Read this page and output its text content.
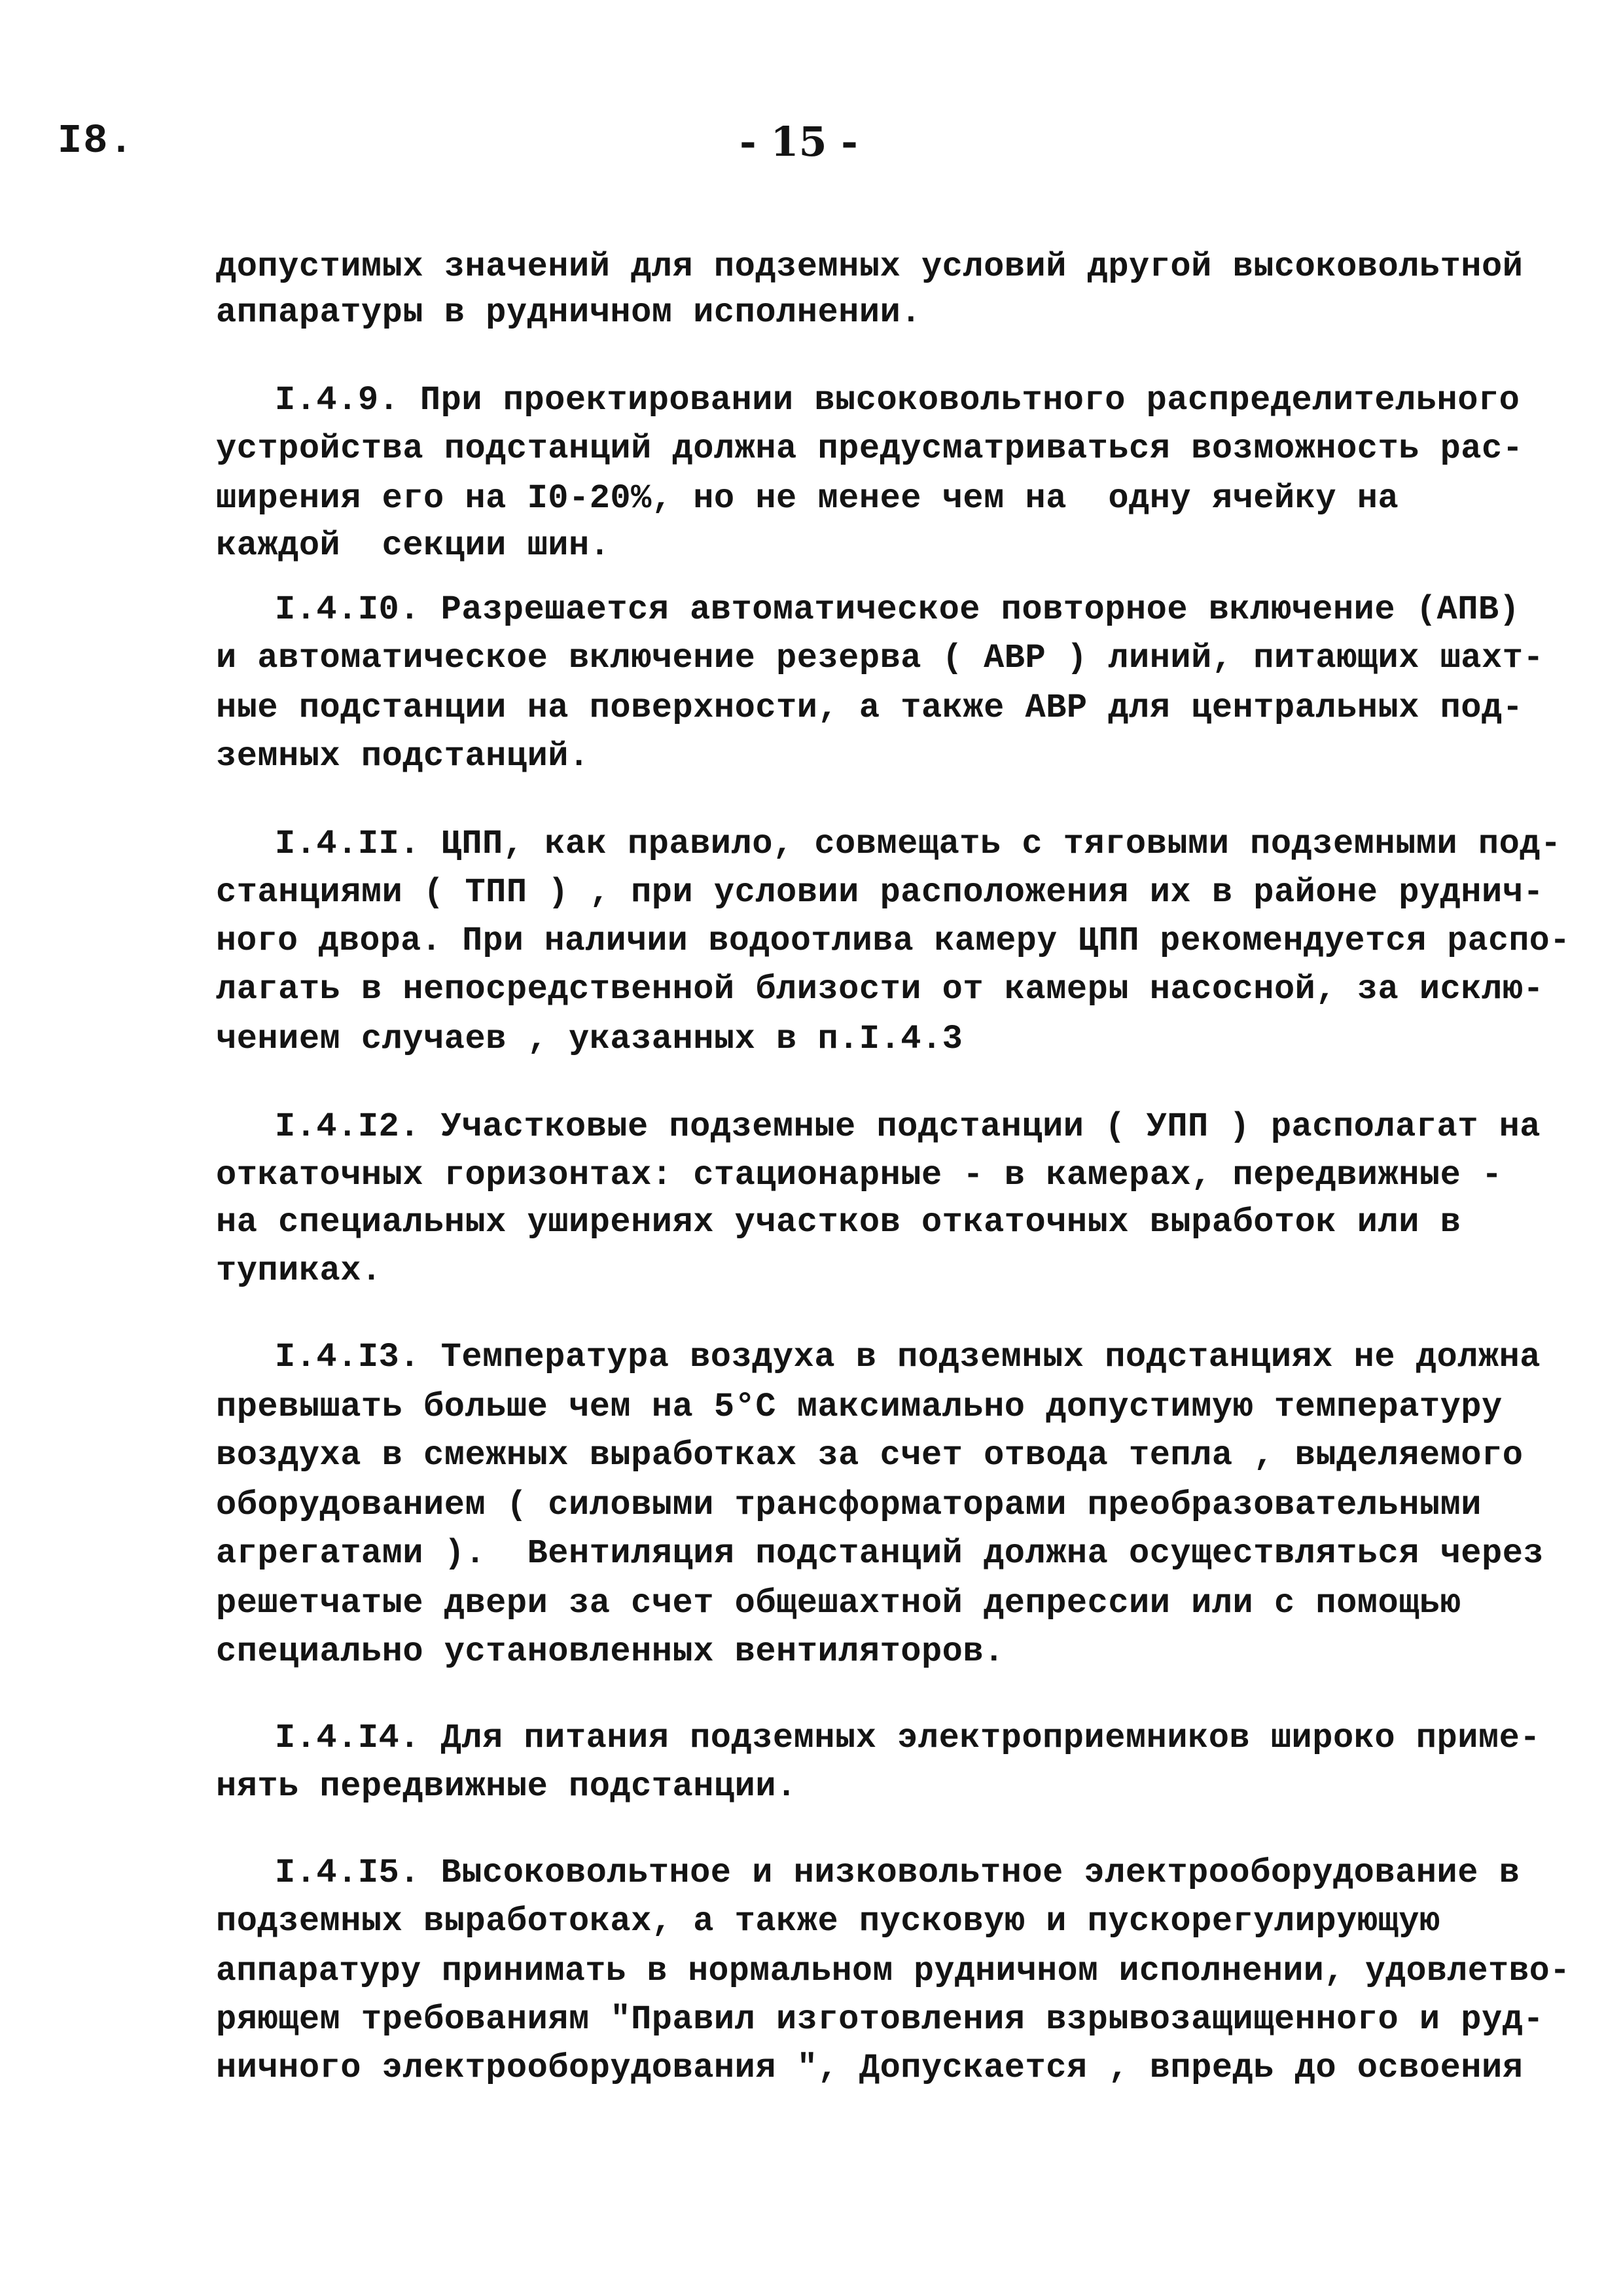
I8.	- 15 -
допустимых значений для подземных условий другой высоковольтной
аппаратуры в рудничном исполнении.
I.4.9. При проектировании высоковольтного распределительного
устройства подстанций должна предусматриваться возможность рас-
ширения его на I0-20%, но не менее чем на  одну ячейку на
каждой  секции шин.
I.4.I0. Разрешается автоматическое повторное включение (АПВ)
и автоматическое включение резерва ( АВР ) линий, питающих шахт-
ные подстанции на поверхности, а также АВР для центральных под-
земных подстанций.
I.4.II. ЦПП, как правило, совмещать с тяговыми подземными под-
станциями ( ТПП ) , при условии расположения их в районе руднич-
ного двора. При наличии водоотлива камеру ЦПП рекомендуется распо-
лагать в непосредственной близости от камеры насосной, за исклю-
чением случаев , указанных в п.I.4.3
I.4.I2. Участковые подземные подстанции ( УПП ) располагат на
откаточных горизонтах: стационарные - в камерах, передвижные -
на специальных уширениях участков откаточных выработок или в
тупиках.
I.4.I3. Температура воздуха в подземных подстанциях не должна
превышать больше чем на 5°С максимально допустимую температуру
воздуха в смежных выработках за счет отвода тепла , выделяемого
оборудованием ( силовыми трансформаторами преобразовательными
агрегатами ).  Вентиляция подстанций должна осуществляться через
решетчатые двери за счет общешахтной депрессии или с помощью
специально установленных вентиляторов.
I.4.I4. Для питания подземных электроприемников широко приме-
нять передвижные подстанции.
I.4.I5. Высоковольтное и низковольтное электрооборудование в
подземных выработоках, а также пусковую и пускорегулирующую
аппаратуру принимать в нормальном рудничном исполнении, удовлетво-
ряющем требованиям "Правил изготовления взрывозащищенного и руд-
ничного электрооборудования ", Допускается , впредь до освоения
